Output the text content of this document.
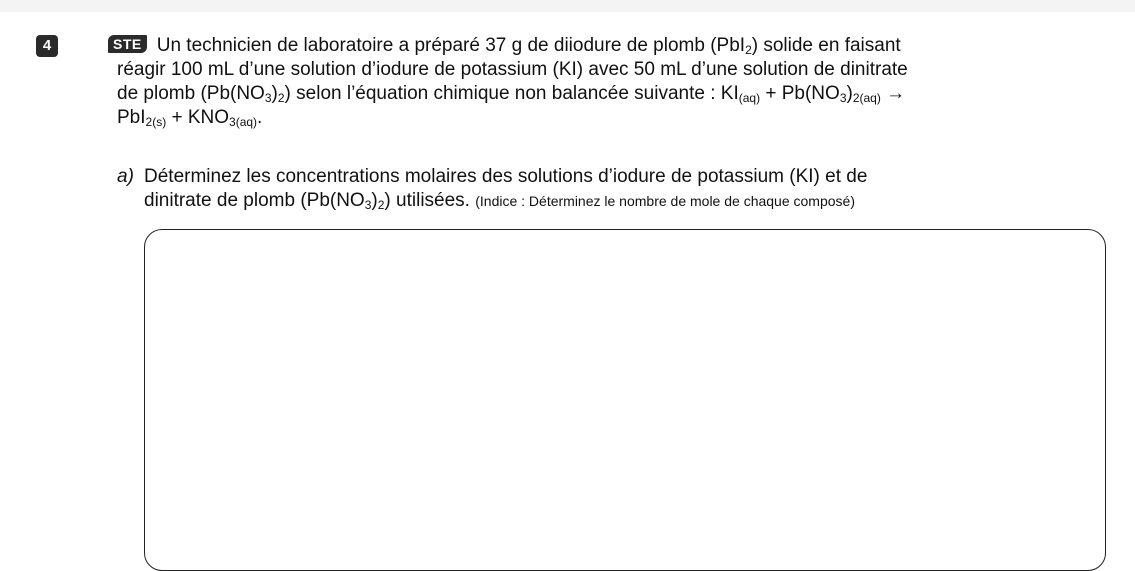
4	STE Un technicien de laboratoire a préparé 37 g de diiodure de plomb (PbI$_2$) solide en faisant
réagir 100 mL d’une solution d’iodure de potassium (KI) avec 50 mL d’une solution de dinitrate
de plomb $(Pb(NO_3)_2)$ selon l’équation chimique non balancée suivante : $KI_{(aq)} + Pb(NO_3)_{2(aq)}$ →
$PbI_{2(s)} + KNO_{3(aq)}$.
a) Déterminez les concentrations molaires des solutions d’iodure de potassium (KI) et de
dinitrate de plomb $(Pb(NO_3)_2)$ utilisées. (Indice : Déterminez le nombre de mole de chaque composé)
